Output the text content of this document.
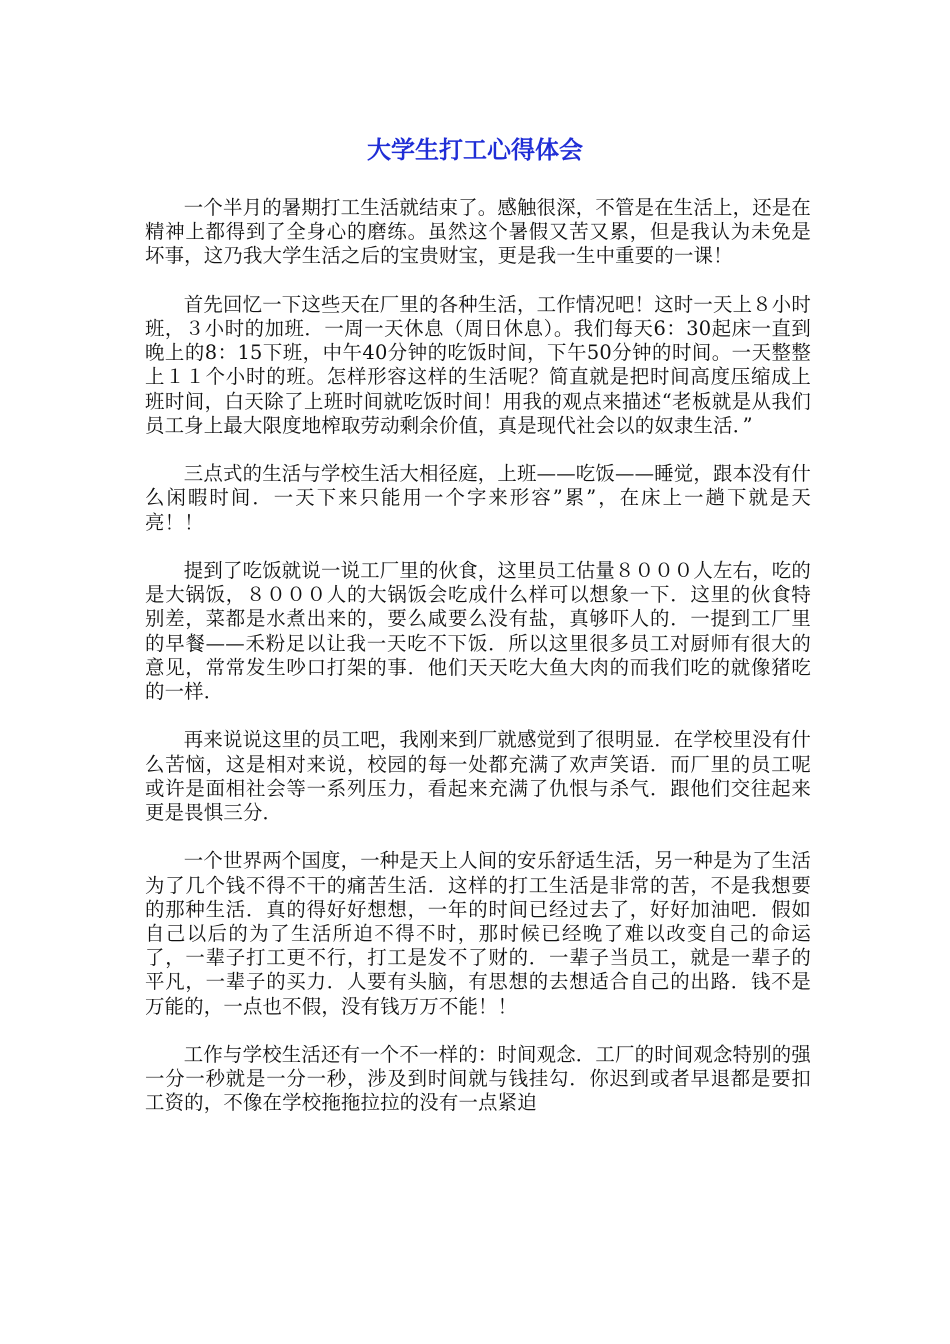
大学生打工心得体会

一个半月的暑期打工生活就结束了。感触很深，不管是在生活上，还是在精神上都得到了全身心的磨练。虽然这个暑假又苦又累，但是我认为未免是坏事，这乃我大学生活之后的宝贵财宝，更是我一生中重要的一课！

首先回忆一下这些天在厂里的各种生活，工作情况吧！这时一天上８小时班，３小时的加班．一周一天休息（周日休息）。我们每天6：30起床一直到晚上的8：15下班，中午40分钟的吃饭时间，下午50分钟的时间。一天整整上１１个小时的班。怎样形容这样的生活呢？简直就是把时间高度压缩成上班时间，白天除了上班时间就吃饭时间！用我的观点来描述“老板就是从我们员工身上最大限度地榨取劳动剩余价值，真是现代社会以的奴隶生活．”

三点式的生活与学校生活大相径庭，上班——吃饭——睡觉，跟本没有什么闲暇时间．一天下来只能用一个字来形容”累”，在床上一趟下就是天亮！！

提到了吃饭就说一说工厂里的伙食，这里员工估量８０００人左右，吃的是大锅饭，８０００人的大锅饭会吃成什么样可以想象一下．这里的伙食特别差，菜都是水煮出来的，要么咸要么没有盐，真够吓人的．一提到工厂里的早餐——禾粉足以让我一天吃不下饭．所以这里很多员工对厨师有很大的意见，常常发生吵口打架的事．他们天天吃大鱼大肉的而我们吃的就像猪吃的一样．

再来说说这里的员工吧，我刚来到厂就感觉到了很明显．在学校里没有什么苦恼，这是相对来说，校园的每一处都充满了欢声笑语．而厂里的员工呢或许是面相社会等一系列压力，看起来充满了仇恨与杀气．跟他们交往起来更是畏惧三分．

一个世界两个国度，一种是天上人间的安乐舒适生活，另一种是为了生活为了几个钱不得不干的痛苦生活．这样的打工生活是非常的苦，不是我想要的那种生活．真的得好好想想，一年的时间已经过去了，好好加油吧．假如自己以后的为了生活所迫不得不时，那时候已经晚了难以改变自己的命运了，一辈子打工更不行，打工是发不了财的．一辈子当员工，就是一辈子的平凡，一辈子的买力．人要有头脑，有思想的去想适合自己的出路．钱不是万能的，一点也不假，没有钱万万不能！！

工作与学校生活还有一个不一样的：时间观念．工厂的时间观念特别的强一分一秒就是一分一秒，涉及到时间就与钱挂勾．你迟到或者早退都是要扣工资的，不像在学校拖拖拉拉的没有一点紧迫
